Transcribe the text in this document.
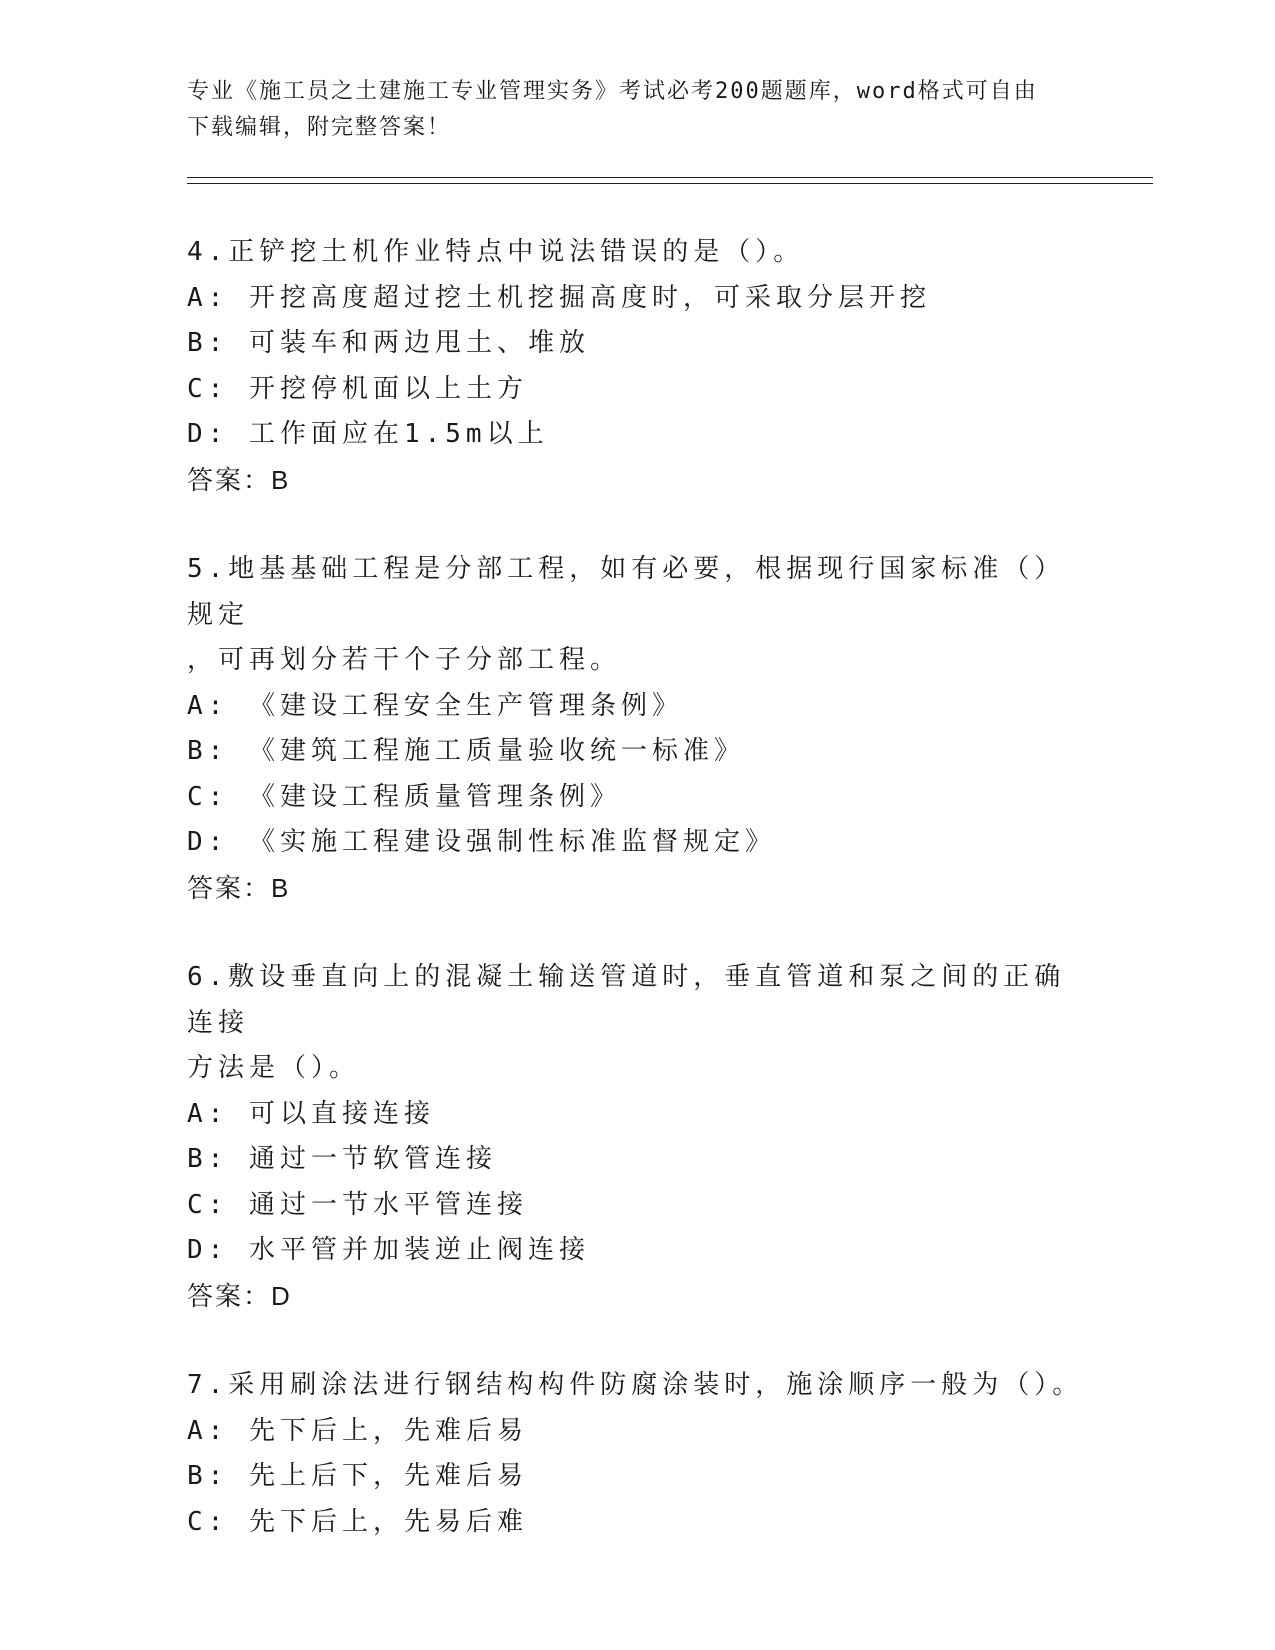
专业《施工员之土建施工专业管理实务》考试必考200题题库，word格式可自由
下载编辑，附完整答案！
4.正铲挖土机作业特点中说法错误的是（）。
A: 开挖高度超过挖土机挖掘高度时，可采取分层开挖
B: 可装车和两边甩土、堆放
C: 开挖停机面以上土方
D: 工作面应在1.5m以上
答案：B
5.地基基础工程是分部工程，如有必要，根据现行国家标准（）规定
，可再划分若干个子分部工程。
A: 《建设工程安全生产管理条例》
B: 《建筑工程施工质量验收统一标准》
C: 《建设工程质量管理条例》
D: 《实施工程建设强制性标准监督规定》
答案：B
6.敷设垂直向上的混凝土输送管道时，垂直管道和泵之间的正确连接
方法是（）。
A: 可以直接连接
B: 通过一节软管连接
C: 通过一节水平管连接
D: 水平管并加装逆止阀连接
答案：D
7.采用刷涂法进行钢结构构件防腐涂装时，施涂顺序一般为（）。
A: 先下后上，先难后易
B: 先上后下，先难后易
C: 先下后上，先易后难
